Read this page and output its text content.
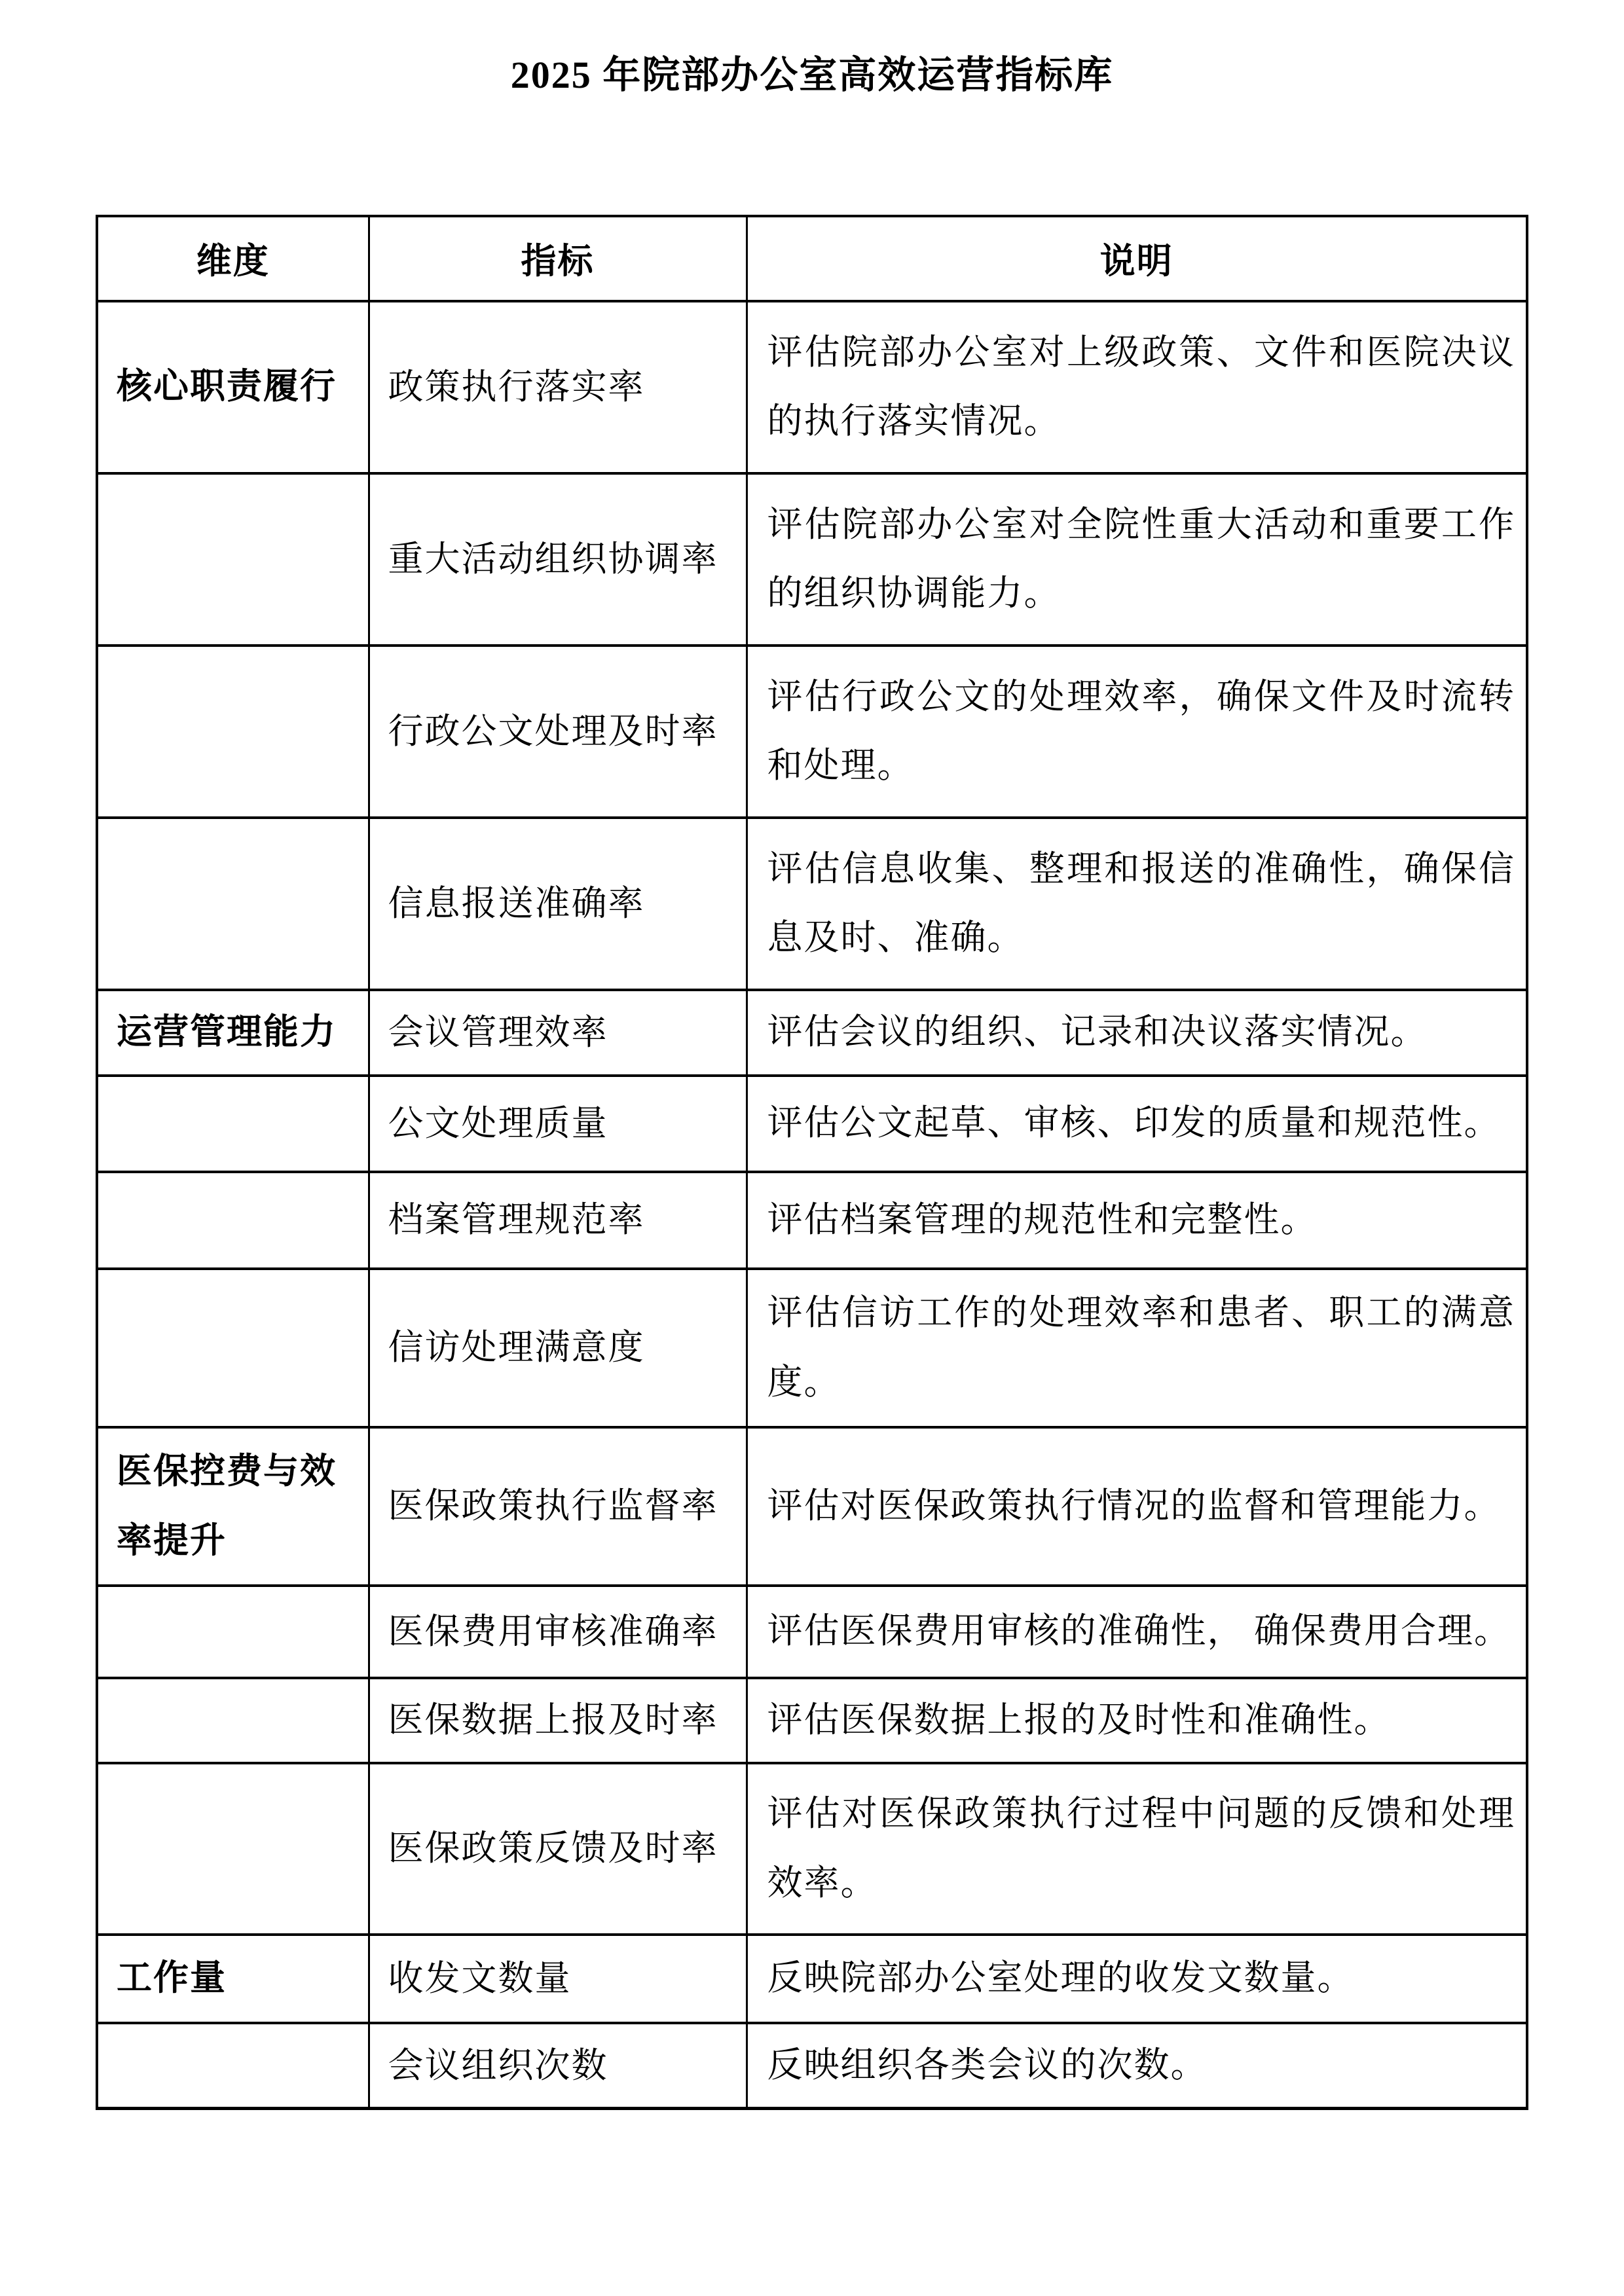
2025 年院部办公室高效运营指标库
维度	指标	说明
核心职责履行	政策执行落实率	评估院部办公室对上级政策、文件和医院决议的执行落实情况。
	重大活动组织协调率	评估院部办公室对全院性重大活动和重要工作的组织协调能力。
	行政公文处理及时率	评估行政公文的处理效率，确保文件及时流转和处理。
	信息报送准确率	评估信息收集、整理和报送的准确性，确保信息及时、准确。
运营管理能力	会议管理效率	评估会议的组织、记录和决议落实情况。
	公文处理质量	评估公文起草、审核、印发的质量和规范性。
	档案管理规范率	评估档案管理的规范性和完整性。
	信访处理满意度	评估信访工作的处理效率和患者、职工的满意度。
医保控费与效率提升	医保政策执行监督率	评估对医保政策执行情况的监督和管理能力。
	医保费用审核准确率	评估医保费用审核的准确性， 确保费用合理。
	医保数据上报及时率	评估医保数据上报的及时性和准确性。
	医保政策反馈及时率	评估对医保政策执行过程中问题的反馈和处理效率。
工作量	收发文数量	反映院部办公室处理的收发文数量。
	会议组织次数	反映组织各类会议的次数。
